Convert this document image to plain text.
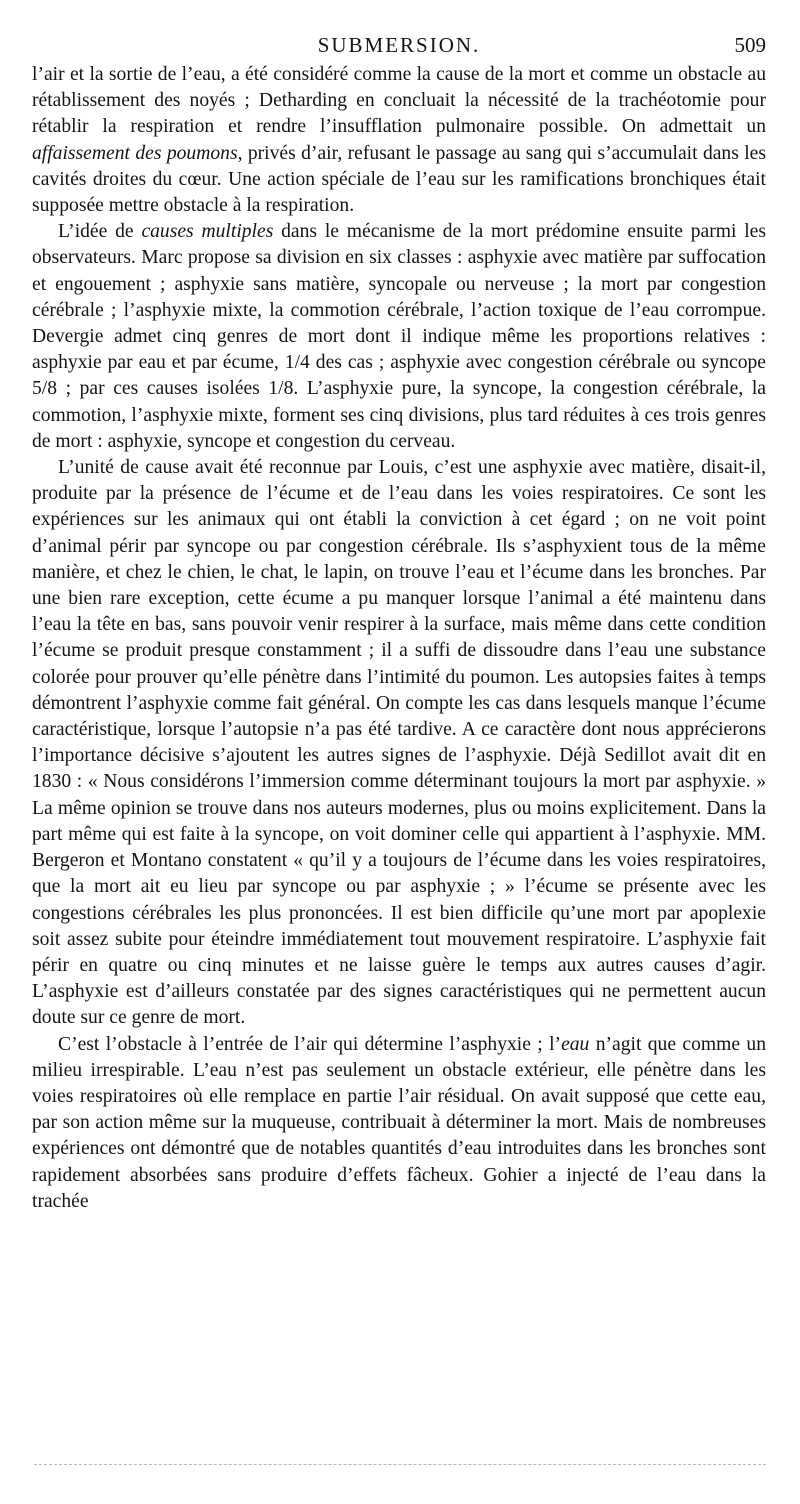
SUBMERSION.	509

l’air et la sortie de l’eau, a été considéré comme la cause de la mort et comme un obstacle au rétablissement des noyés ; Detharding en concluait la nécessité de la trachéotomie pour rétablir la respiration et rendre l’insufflation pulmonaire possible. On admettait un affaissement des poumons, privés d’air, refusant le passage au sang qui s’accumulait dans les cavités droites du cœur. Une action spéciale de l’eau sur les ramifications bronchiques était supposée mettre obstacle à la respiration.

L’idée de causes multiples dans le mécanisme de la mort prédomine ensuite parmi les observateurs. Marc propose sa division en six classes : asphyxie avec matière par suffocation et engouement ; asphyxie sans matière, syncopale ou nerveuse ; la mort par congestion cérébrale ; l’asphyxie mixte, la commotion cérébrale, l’action toxique de l’eau corrompue. Devergie admet cinq genres de mort dont il indique même les proportions relatives : asphyxie par eau et par écume, 1/4 des cas ; asphyxie avec congestion cérébrale ou syncope 5/8 ; par ces causes isolées 1/8. L’asphyxie pure, la syncope, la congestion cérébrale, la commotion, l’asphyxie mixte, forment ses cinq divisions, plus tard réduites à ces trois genres de mort : asphyxie, syncope et congestion du cerveau.

L’unité de cause avait été reconnue par Louis, c’est une asphyxie avec matière, disait-il, produite par la présence de l’écume et de l’eau dans les voies respiratoires. Ce sont les expériences sur les animaux qui ont établi la conviction à cet égard ; on ne voit point d’animal périr par syncope ou par congestion cérébrale. Ils s’asphyxient tous de la même manière, et chez le chien, le chat, le lapin, on trouve l’eau et l’écume dans les bronches. Par une bien rare exception, cette écume a pu manquer lorsque l’animal a été maintenu dans l’eau la tête en bas, sans pouvoir venir respirer à la surface, mais même dans cette condition l’écume se produit presque constamment ; il a suffi de dissoudre dans l’eau une substance colorée pour prouver qu’elle pénètre dans l’intimité du poumon. Les autopsies faites à temps démontrent l’asphyxie comme fait général. On compte les cas dans lesquels manque l’écume caractéristique, lorsque l’autopsie n’a pas été tardive. A ce caractère dont nous apprécierons l’importance décisive s’ajoutent les autres signes de l’asphyxie. Déjà Sedillot avait dit en 1830 : « Nous considérons l’immersion comme déterminant toujours la mort par asphyxie. » La même opinion se trouve dans nos auteurs modernes, plus ou moins explicitement. Dans la part même qui est faite à la syncope, on voit dominer celle qui appartient à l’asphyxie. MM. Bergeron et Montano constatent « qu’il y a toujours de l’écume dans les voies respiratoires, que la mort ait eu lieu par syncope ou par asphyxie ; » l’écume se présente avec les congestions cérébrales les plus prononcées. Il est bien difficile qu’une mort par apoplexie soit assez subite pour éteindre immédiatement tout mouvement respiratoire. L’asphyxie fait périr en quatre ou cinq minutes et ne laisse guère le temps aux autres causes d’agir. L’asphyxie est d’ailleurs constatée par des signes caractéristiques qui ne permettent aucun doute sur ce genre de mort.

C’est l’obstacle à l’entrée de l’air qui détermine l’asphyxie ; l’eau n’agit que comme un milieu irrespirable. L’eau n’est pas seulement un obstacle extérieur, elle pénètre dans les voies respiratoires où elle remplace en partie l’air résidual. On avait supposé que cette eau, par son action même sur la muqueuse, contribuait à déterminer la mort. Mais de nombreuses expériences ont démontré que de notables quantités d’eau introduites dans les bronches sont rapidement absorbées sans produire d’effets fâcheux. Gohier a injecté de l’eau dans la trachée
